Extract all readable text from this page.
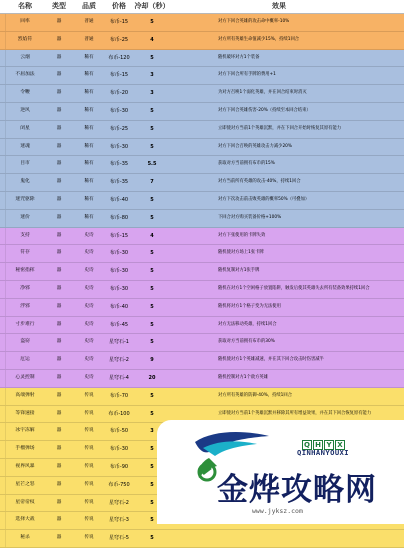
名称	类型	品质	价格	冷却（秒）	效果
回率	器	普通	布币-15	5	对方下回合英雄的攻击命中概率-10%
烈焰符	器	普通	布币-25	4	对方所有英雄生命值减少15%，持续1回合
云烟	器	稀有	布币-120	5	随机破坏对方1个装备
不屈加法	器	稀有	布币-15	3	对方下回合所有手牌的费用+1
令鞭	器	稀有	布币-20	3	为对方召唤1个弱化英雄，并在回合结束时消灭
逆风	器	稀有	布币-30	5	对方下回合英雄伤害-20%（持续至本回合结束）
闭星	器	稀有	布币-25	5	立即使对方当前1个英雄沉默，并在下回合开始时恢复其原有能力
迷魂	器	稀有	布币-30	5	对方下回合召唤的英雄攻击力减少20%
目市	器	稀有	布币-35	5.5	获取对方当前拥有布币的15%
鬼化	器	稀有	布币-35	7	对方当前所有英雄的攻击-40%，持续1回合
迷咒驱除	器	稀有	布币-40	5	对方下次攻击前击败英雄的概率50%（可叠加）
迷价	器	稀有	布币-80	5	下回合对方购买装备价格+100%
支持	器	史诗	布币-15	4	对方下张使用的卡牌失效
符存	器	史诗	布币-30	5	随机使对方场上1张卡牌
秘密指挥	器	史诗	布币-30	5	随机复制对方1张手牌
净邪	器	史诗	布币-30	5	随机在对方1个空闲格子放置陷阱，触发后使其英雄失去所有装备效果持续1回合
浮邪	器	史诗	布币-40	5	随机将对方1个格子变为无法使用
寸步难行	器	史诗	布币-45	5	对方无法移动英雄，持续1回合
盗窃	器	史诗	星穹石-1	5	获取对方当前拥有布币的30%
厄运	器	史诗	星穹石-2	9	随机使对方1个英雄减速，并在其下回合攻击时伤害减半
心灵控制	器	史诗	星穹石-4	20	随机控制对方1个敌方英雄
高端弹射	器	传说	布币-70	5	对方所有英雄的防御-40%，持续1回合
等锋速接	器	传说	布币-100	5	立即使对方当前1个英雄沉默并移除其所有增益效果，并在其下回合恢复原有能力
冰宇冻解	器	传说	布币-50	3
手榴弹场	器	传说	布币-30	5
视界风暴	器	传说	布币-90	5
星芒之怒	器	传说	布币-750	5
星帝帝权	器	传说	星穹石-2	5
选择大战	器	传说	星穹石-3	5
秘杀	器	传说	星穹石-5	5
Q H Y X
QINHANYOUXI
金烨攻略网
www.jyksz.com
